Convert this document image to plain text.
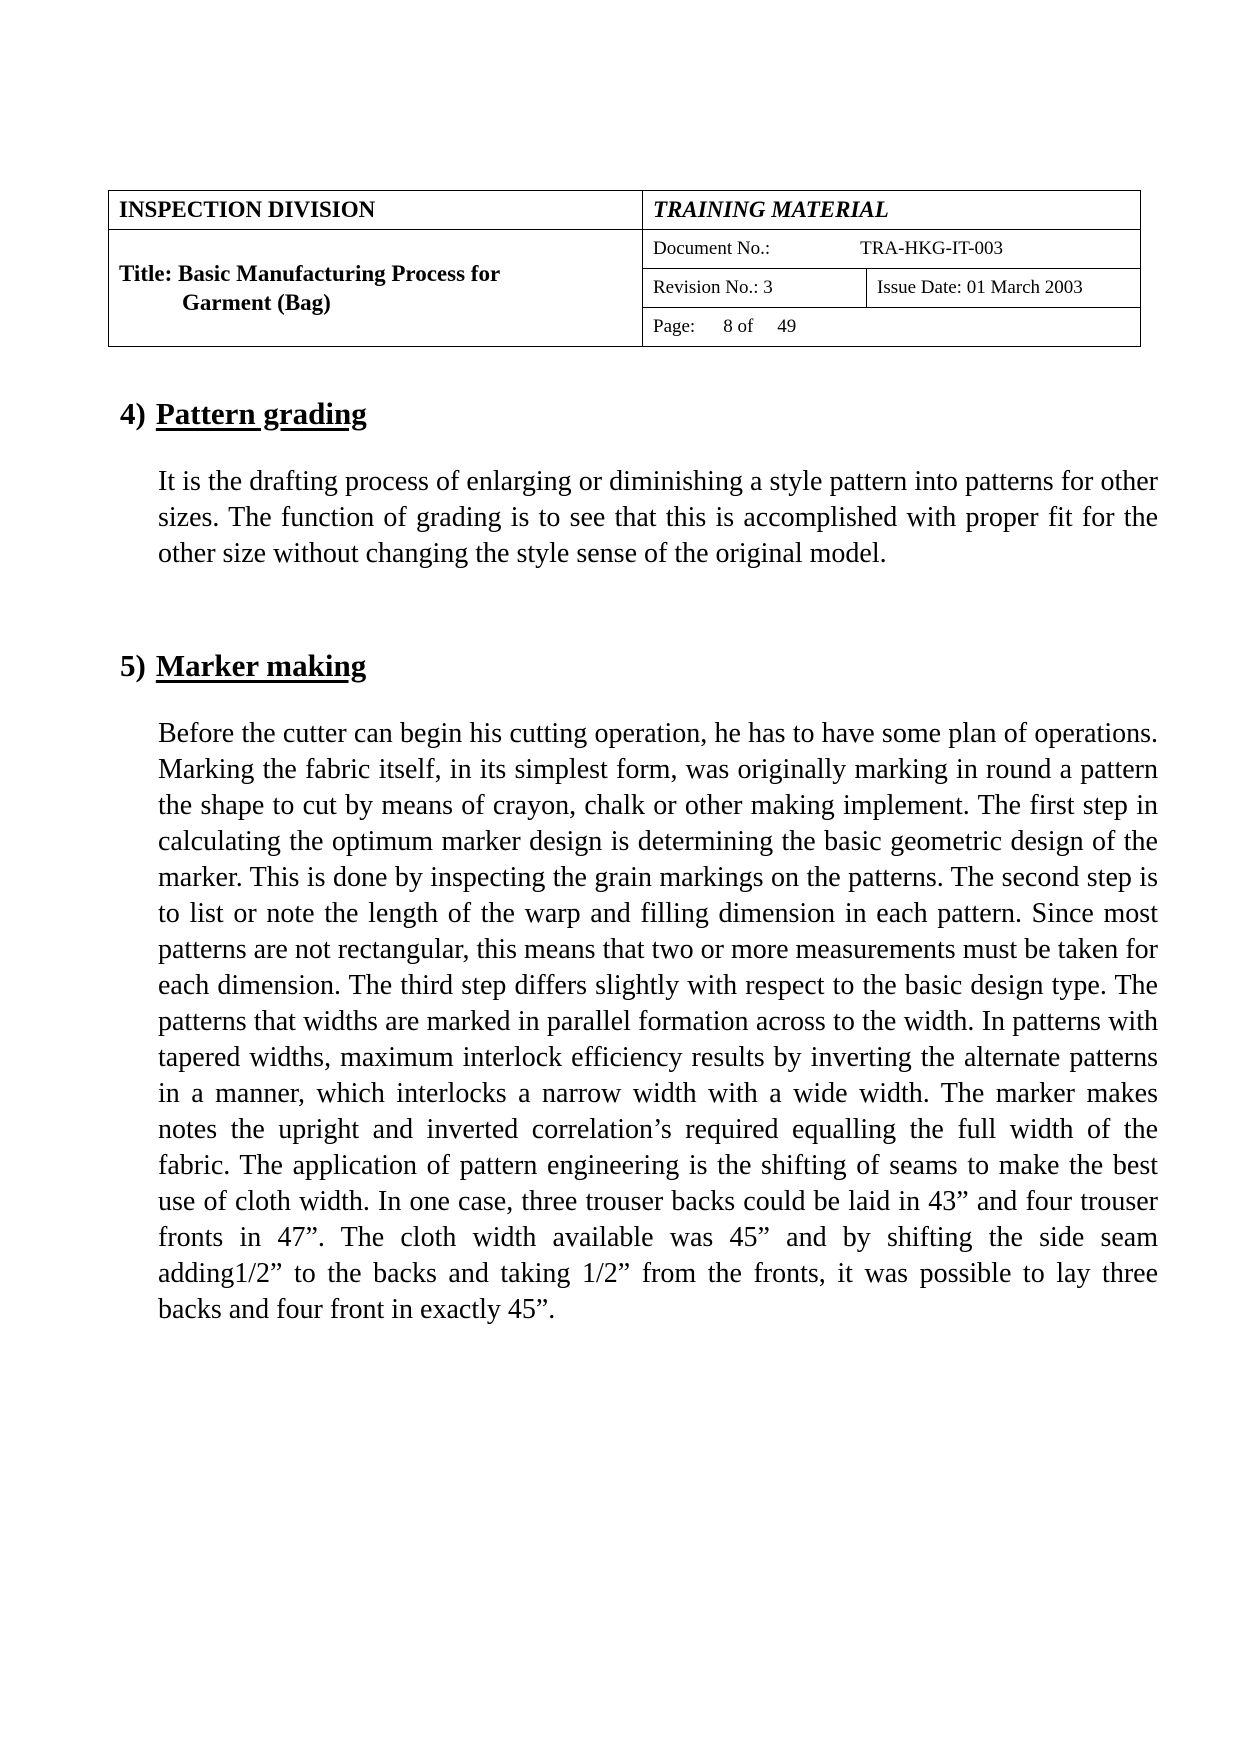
INSPECTION DIVISION	TRAINING MATERIAL	

Title: Basic Manufacturing Process for
Garment (Bag)	Document No.: TRA-HKG-IT-003	
	Revision No.: 3	Issue Date: 01 March 2003
	Page: 8 of 49	
4) Pattern grading

It is the drafting process of enlarging or diminishing a style pattern into patterns for other sizes. The function of grading is to see that this is accomplished with proper fit for the other size without changing the style sense of the original model.

5) Marker making

Before the cutter can begin his cutting operation, he has to have some plan of operations. Marking the fabric itself, in its simplest form, was originally marking in round a pattern the shape to cut by means of crayon, chalk or other making implement. The first step in calculating the optimum marker design is determining the basic geometric design of the marker. This is done by inspecting the grain markings on the patterns. The second step is to list or note the length of the warp and filling dimension in each pattern. Since most patterns are not rectangular, this means that two or more measurements must be taken for each dimension. The third step differs slightly with respect to the basic design type. The patterns that widths are marked in parallel formation across to the width. In patterns with tapered widths, maximum interlock efficiency results by inverting the alternate patterns in a manner, which interlocks a narrow width with a wide width. The marker makes notes the upright and inverted correlation’s required equalling the full width of the fabric. The application of pattern engineering is the shifting of seams to make the best use of cloth width. In one case, three trouser backs could be laid in 43” and four trouser fronts in 47”. The cloth width available was 45” and by shifting the side seam adding1/2” to the backs and taking 1/2” from the fronts, it was possible to lay three backs and four front in exactly 45”.
